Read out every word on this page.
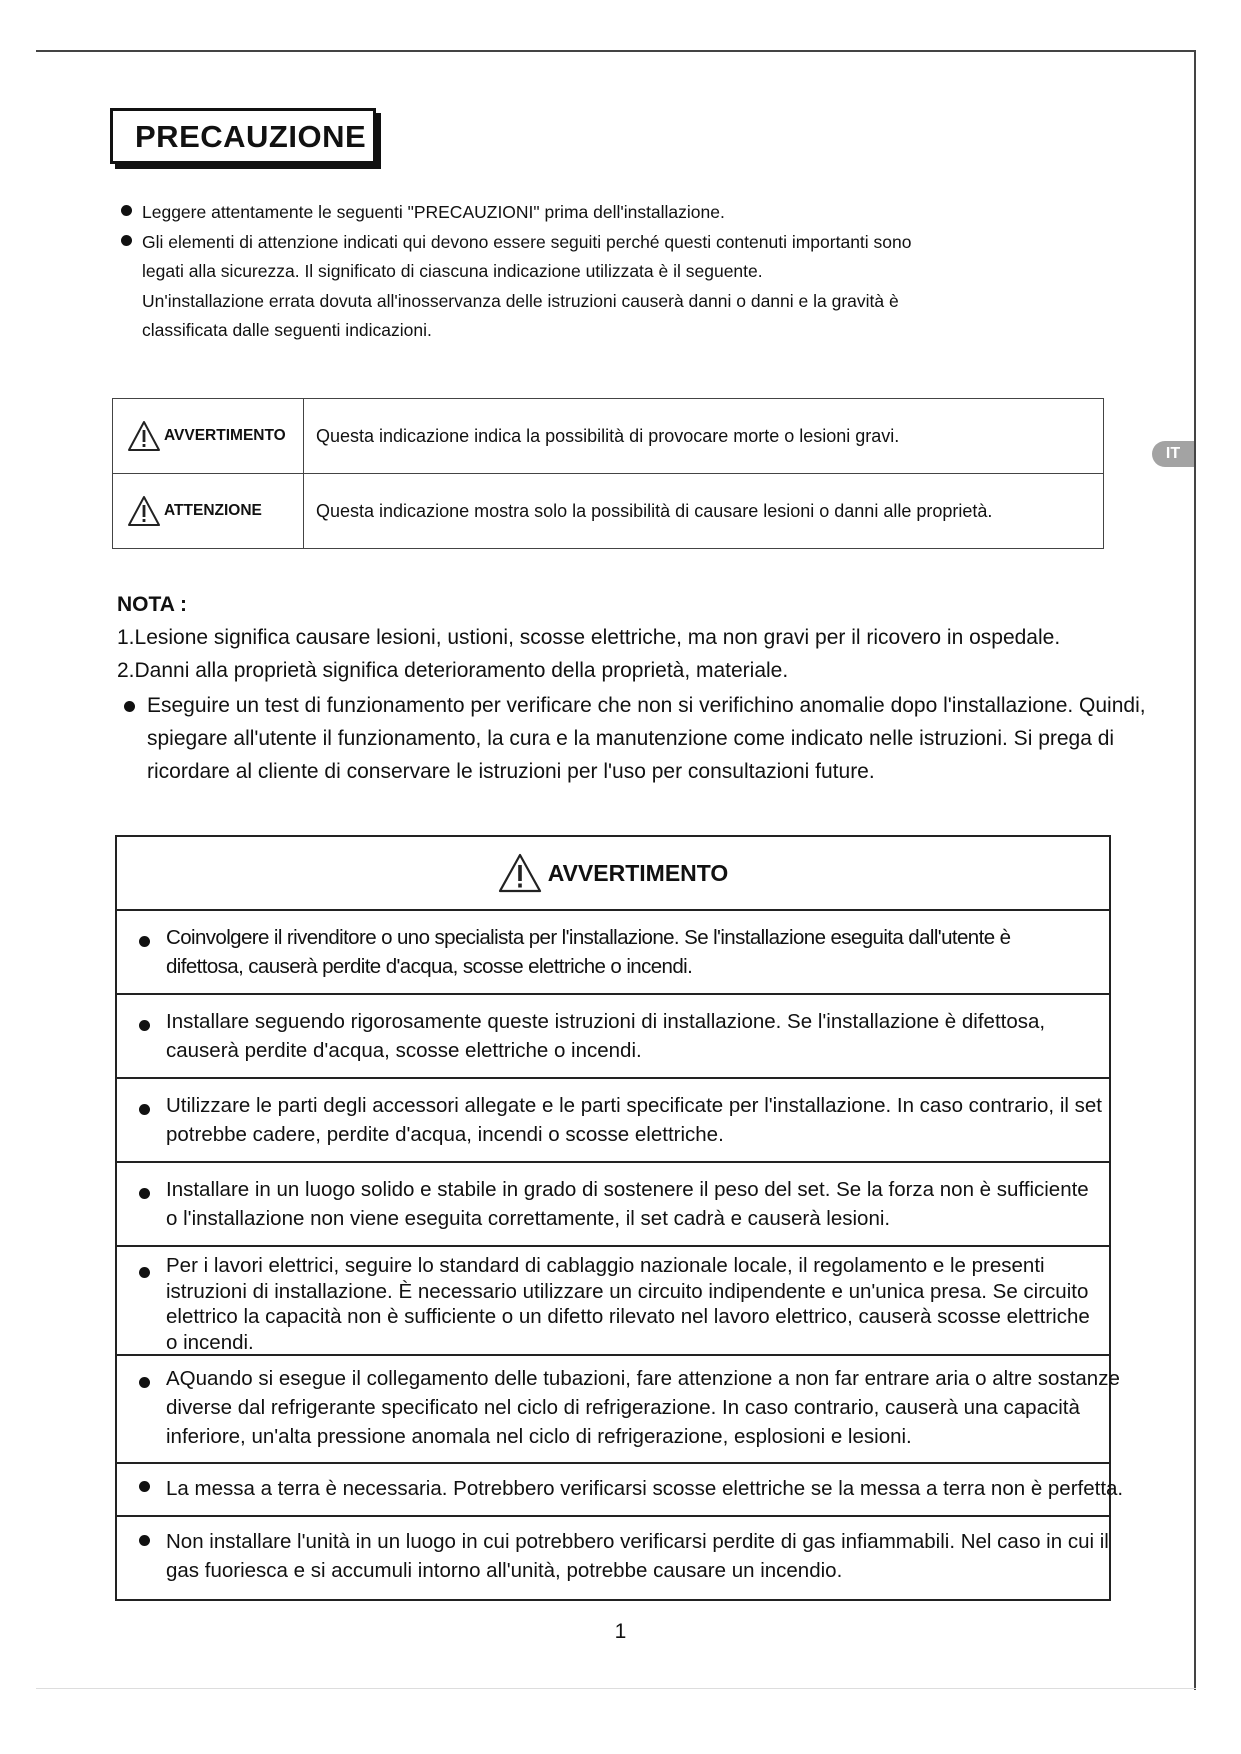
IT
PRECAUZIONE
Leggere attentamente le seguenti "PRECAUZIONI" prima dell'installazione.
Gli elementi di attenzione indicati qui devono essere seguiti perché questi contenuti importanti sono
legati alla sicurezza. Il significato di ciascuna indicazione utilizzata è il seguente.
Un'installazione errata dovuta all'inosservanza delle istruzioni causerà danni o danni e la gravità è
classificata dalle seguenti indicazioni.
AVVERTIMENTO	Questa indicazione indica la possibilità di provocare morte o lesioni gravi.
ATTENZIONE	Questa indicazione mostra solo la possibilità di causare lesioni o danni alle proprietà.
NOTA :
1.Lesione significa causare lesioni, ustioni, scosse elettriche, ma non gravi per il ricovero in ospedale.
2.Danni alla proprietà significa deterioramento della proprietà, materiale.
Eseguire un test di funzionamento per verificare che non si verifichino anomalie dopo l'installazione. Quindi,
spiegare all'utente il funzionamento, la cura e la manutenzione come indicato nelle istruzioni. Si prega di
ricordare al cliente di conservare le istruzioni per l'uso per consultazioni future.
AVVERTIMENTO
Coinvolgere il rivenditore o uno specialista per l'installazione. Se l'installazione eseguita dall'utente è
difettosa, causerà perdite d'acqua, scosse elettriche o incendi.
Installare seguendo rigorosamente queste istruzioni di installazione. Se l'installazione è difettosa,
causerà perdite d'acqua, scosse elettriche o incendi.
Utilizzare le parti degli accessori allegate e le parti specificate per l'installazione. In caso contrario, il set
potrebbe cadere, perdite d'acqua, incendi o scosse elettriche.
Installare in un luogo solido e stabile in grado di sostenere il peso del set. Se la forza non è sufficiente
o l'installazione non viene eseguita correttamente, il set cadrà e causerà lesioni.
Per i lavori elettrici, seguire lo standard di cablaggio nazionale locale, il regolamento e le presenti
istruzioni di installazione. È necessario utilizzare un circuito indipendente e un'unica presa. Se circuito
elettrico la capacità non è sufficiente o un difetto rilevato nel lavoro elettrico, causerà scosse elettriche
o incendi.
AQuando si esegue il collegamento delle tubazioni, fare attenzione a non far entrare aria o altre sostanze
diverse dal refrigerante specificato nel ciclo di refrigerazione. In caso contrario, causerà una capacità
inferiore, un'alta pressione anomala nel ciclo di refrigerazione, esplosioni e lesioni.
La messa a terra è necessaria. Potrebbero verificarsi scosse elettriche se la messa a terra non è perfetta.
Non installare l'unità in un luogo in cui potrebbero verificarsi perdite di gas infiammabili. Nel caso in cui il
gas fuoriesca e si accumuli intorno all'unità, potrebbe causare un incendio.
1
